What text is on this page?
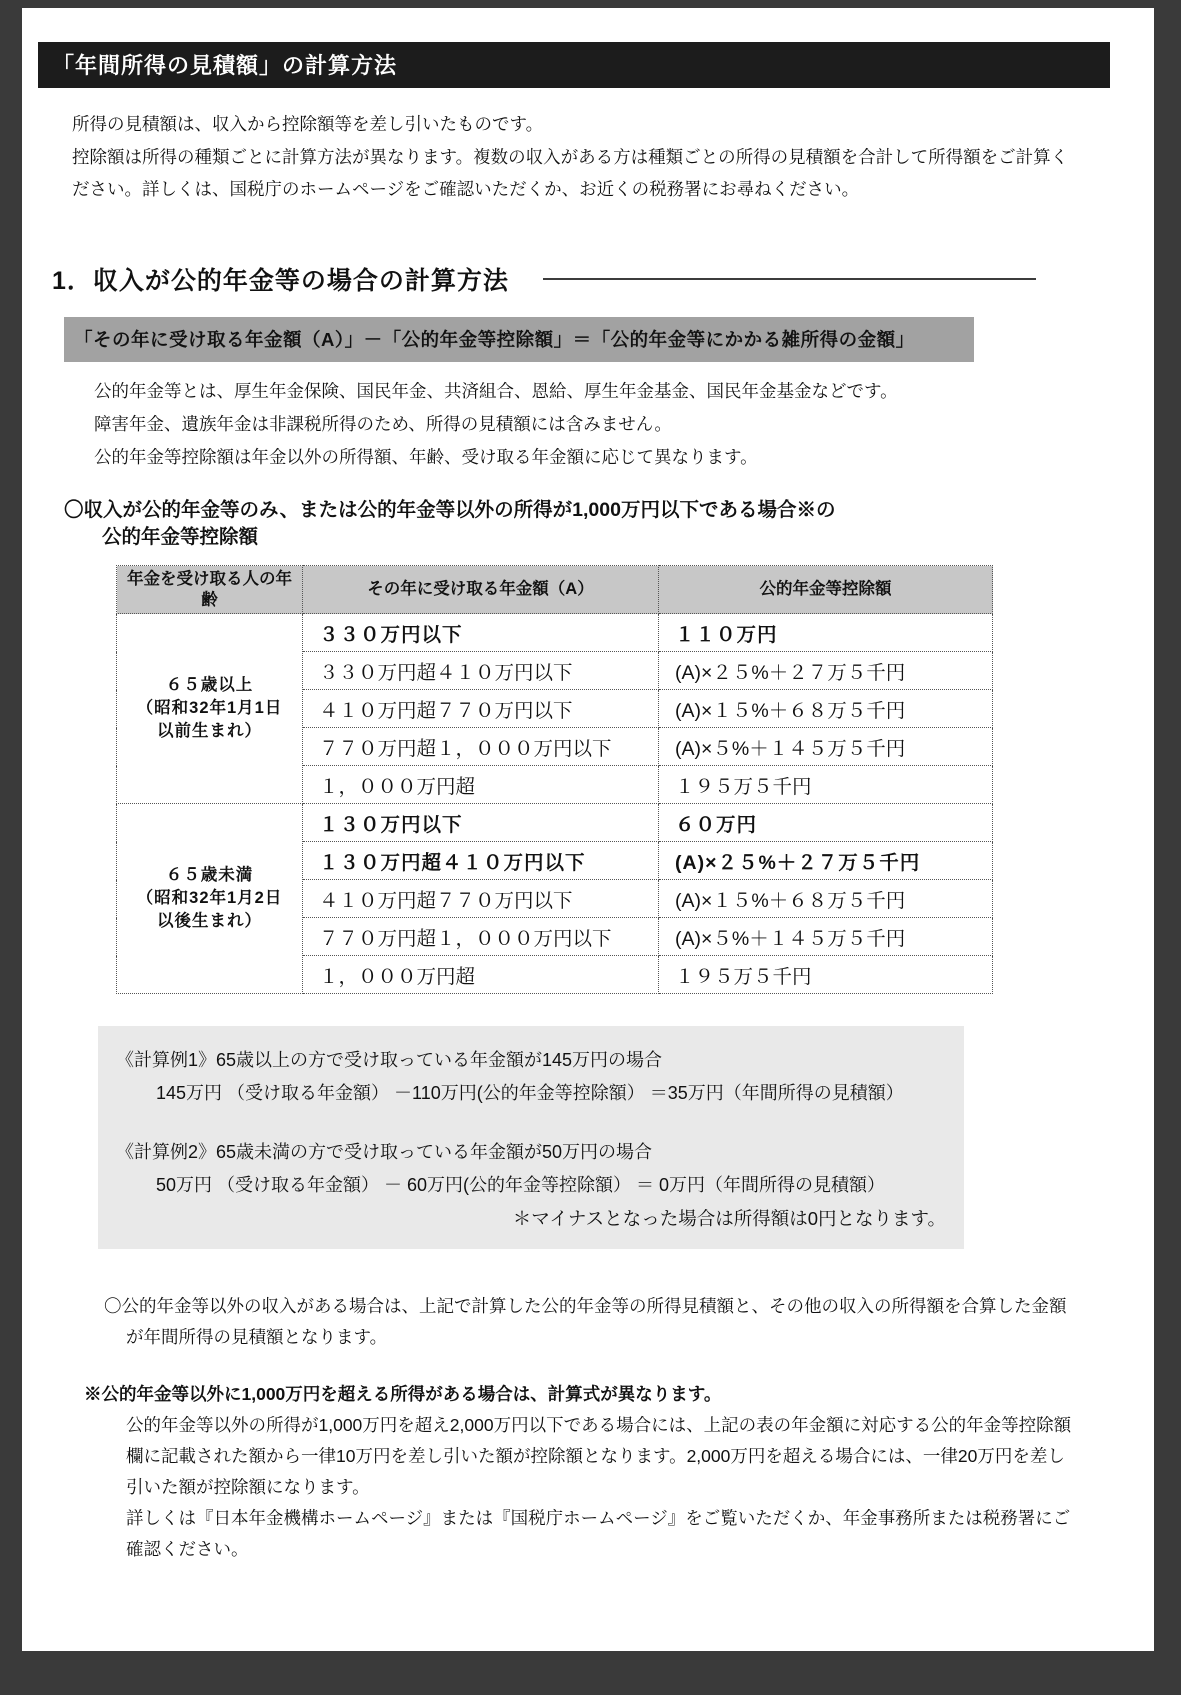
「年間所得の見積額」の計算方法

所得の見積額は、収入から控除額等を差し引いたものです。

控除額は所得の種類ごとに計算方法が異なります。複数の収入がある方は種類ごとの所得の見積額を合計して所得額をご計算ください。詳しくは、国税庁のホームページをご確認いただくか、お近くの税務署にお尋ねください。

1．収入が公的年金等の場合の計算方法
「その年に受け取る年金額（A）」－「公的年金等控除額」＝「公的年金等にかかる雑所得の金額」

公的年金等とは、厚生年金保険、国民年金、共済組合、恩給、厚生年金基金、国民年金基金などです。

障害年金、遺族年金は非課税所得のため、所得の見積額には含みません。

公的年金等控除額は年金以外の所得額、年齢、受け取る年金額に応じて異なります。

〇収入が公的年金等のみ、または公的年金等以外の所得が1,000万円以下である場合※の
公的年金等控除額
年金を受け取る人の年齢	その年に受け取る年金額（A）	公的年金等控除額

６５歳以上
（昭和32年1月1日
以前生まれ）	３３０万円以下	１１０万円
	３３０万円超４１０万円以下	(A)×２５%＋２７万５千円
	４１０万円超７７０万円以下	(A)×１５%＋６８万５千円
	７７０万円超１，０００万円以下	(A)×５%＋１４５万５千円
	１，０００万円超	１９５万５千円

６５歳未満
（昭和32年1月2日
以後生まれ）	１３０万円以下	６０万円
	１３０万円超４１０万円以下	(A)×２５%＋２７万５千円
	４１０万円超７７０万円以下	(A)×１５%＋６８万５千円
	７７０万円超１，０００万円以下	(A)×５%＋１４５万５千円
	１，０００万円超	１９５万５千円
《計算例1》65歳以上の方で受け取っている年金額が145万円の場合
145万円 （受け取る年金額） －110万円(公的年金等控除額） ＝35万円（年間所得の見積額）
《計算例2》65歳未満の方で受け取っている年金額が50万円の場合
50万円 （受け取る年金額） － 60万円(公的年金等控除額） ＝ 0万円（年間所得の見積額）
＊マイナスとなった場合は所得額は0円となります。

〇公的年金等以外の収入がある場合は、上記で計算した公的年金等の所得見積額と、その他の収入の所得額を合算した金額が年間所得の見積額となります。

※公的年金等以外に1,000万円を超える所得がある場合は、計算式が異なります。

公的年金等以外の所得が1,000万円を超え2,000万円以下である場合には、上記の表の年金額に対応する公的年金等控除額欄に記載された額から一律10万円を差し引いた額が控除額となります。2,000万円を超える場合には、一律20万円を差し引いた額が控除額になります。

詳しくは『日本年金機構ホームページ』または『国税庁ホームページ』をご覧いただくか、年金事務所または税務署にご確認ください。
